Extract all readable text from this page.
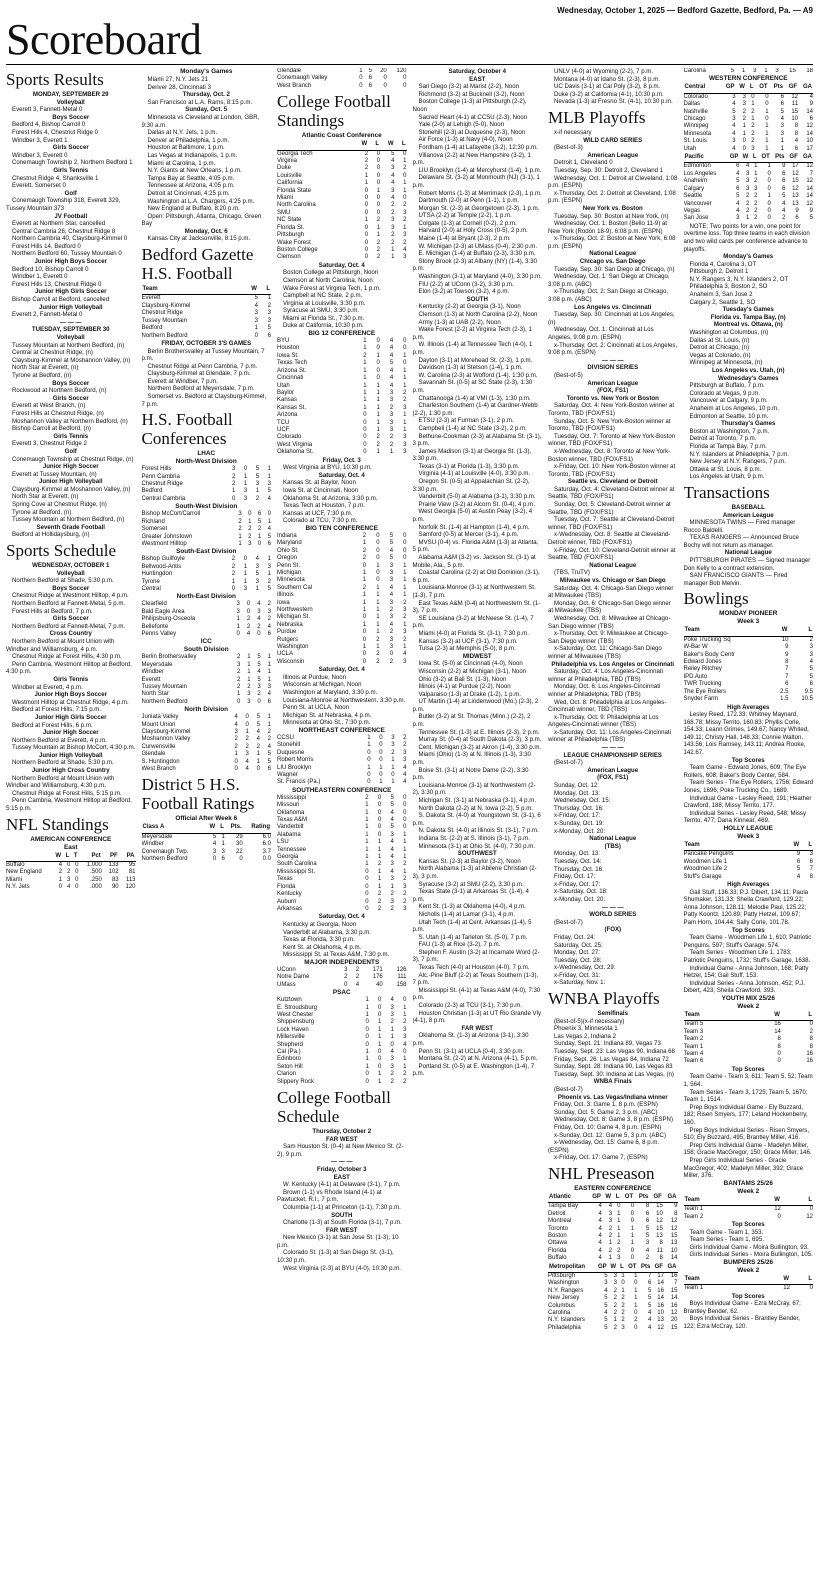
Wednesday, October 1, 2025 — Bedford Gazette, Bedford, Pa. — A9
Scoreboard
Sports Results

MONDAY, SEPTEMBER 29

Volleyball

Everett 3, Fannett-Metal 0

Boys Soccer

Bedford 4, Bishop Carroll 0

Forest Hills 4, Chestnut Ridge 0

Windber 3, Everett 1

Girls Soccer

Windber 3, Everett 0

Conemaugh Township 2, Northern Bedford 1

Girls Tennis

Chestnut Ridge 4, Shanksville 1

Everett, Somerset 0

Golf

Conemaugh Township 318, Everett 329, Tussey Mountain 373

JV Football

Everett at Northern Star, cancelled

Central Cambria 26, Chestnut Ridge 8

Northern Cambria 40, Claysburg-Kimmel 0

Forest Hills 14, Bedford 0

Northern Bedford 60, Tussey Mountain 0

Junior High Boys Soccer

Bedford 10, Bishop Carroll 0

Windber 1, Everett 0

Forest Hills 13, Chestnut Ridge 0

Junior High Girls Soccer

Bishop Carroll at Bedford, cancelled

Junior High Volleyball

Everett 2, Fannett-Metal 0

— — —

TUESDAY, SEPTEMBER 30

Volleyball

Tussey Mountain at Northern Bedford, (n)

Central at Chestnut Ridge, (n)

Claysburg-Kimmel at Moshannon Valley, (n)

North Star at Everett, (n)

Tyrone at Bedford, (n)

Boys Soccer

Rockwood at Northern Bedford, (n)

Girls Soccer

Everett at West Branch, (n)

Forest Hills at Chestnut Ridge, (n)

Moshannon Valley at Northern Bedford, (n)

Bishop Carroll at Bedford, (n)

Girls Tennis

Everett 3, Chestnut Ridge 2

Golf

Conemaugh Township at Chestnut Ridge, (n)

Junior High Soccer

Everett at Tussey Mountain, (n)

Junior High Volleyball

Claysburg-Kimmel at Moshannon Valley, (n)

North Star at Everett, (n)

Spring Cove at Chestnut Ridge, (n)

Tyrone at Bedford, (n)

Tussey Mountain at Northern Bedford, (n)

Seventh Grade Football

Bedford at Hollidaysburg, (n)

Sports Schedule

WEDNESDAY, OCTOBER 1

Volleyball

Northern Bedford at Shade, 5:30 p.m.

Boys Soccer

Chestnut Ridge at Westmont Hilltop, 4 p.m.

Northern Bedford at Fannett-Metal, 5 p.m.

Forest Hills at Bedford, 7 p.m.

Girls Soccer

Northern Bedford at Fannett-Metal, 7 p.m.

Cross Country

Northern Bedford at Mount Union with Windber and Williamsburg, 4 p.m.

Chestnut Ridge at Forest Hills, 4:30 p.m.

Penn Cambria, Westmont Hilltop at Bedford, 4:30 p.m.

Girls Tennis

Windber at Everett, 4 p.m.

Junior High Boys Soccer

Westmont Hilltop at Chestnut Ridge, 4 p.m.

Bedford at Forest Hills, 7:15 p.m.

Junior High Girls Soccer

Bedford at Forest Hills, 6 p.m.

Junior High Soccer

Northern Bedford at Everett, 4 p.m.

Tussey Mountain at Bishop McCort, 4:30 p.m.

Junior High Volleyball

Northern Bedford at Shade, 5:30 p.m.

Junior High Cross Country

Northern Bedford at Mount Union with Windber and Williamsburg, 4:30 p.m.

Chestnut Ridge at Forest Hills, 5:15 p.m.

Penn Cambria, Westmont Hilltop at Bedford, 5:15 p.m.

NFL Standings
AMERICAN CONFERENCE
East
	W	L	T	Pct	PF	PA
Buffalo	4	0	0	1.000	133	95
New England	2	2	0	.500	102	81
Miami	1	3	0	.250	83	113
N.Y. Jets	0	4	0	.000	90	120
Monday's Games

Miami 27, N.Y. Jets 21

Denver 28, Cincinnati 3

Thursday, Oct. 2

San Francisco at L.A. Rams, 8:15 p.m.

Sunday, Oct. 5

Minnesota vs Cleveland at London, GBR, 9:30 a.m.

Dallas at N.Y. Jets, 1 p.m.

Denver at Philadelphia, 1 p.m.

Houston at Baltimore, 1 p.m.

Las Vegas at Indianapolis, 1 p.m.

Miami at Carolina, 1 p.m.

N.Y. Giants at New Orleans, 1 p.m.

Tampa Bay at Seattle, 4:05 p.m.

Tennessee at Arizona, 4:05 p.m.

Detroit at Cincinnati, 4:25 p.m.

Washington at L.A. Chargers, 4:25 p.m.

New England at Buffalo, 8:20 p.m.

Open: Pittsburgh, Atlanta, Chicago, Green Bay

Monday, Oct. 6

Kansas City at Jacksonville, 8:15 p.m.

Bedford Gazette H.S. Football
Team	W	L
Everett	5	1
Claysburg-Kimmel	4	2
Chestnut Ridge	3	3
Tussey Mountain	3	3
Bedford	1	5
Northern Bedford	0	6

FRIDAY, OCTOBER 3'S GAMES

Berlin Brothersvalley at Tussey Mountain, 7 p.m.

Chestnut Ridge at Penn Cambria, 7 p.m.

Claysburg-Kimmel at Glendale, 7 p.m.

Everett at Windber, 7 p.m.

Northern Bedford at Meyersdale, 7 p.m.

Somerset vs. Bedford at Claysburg-Kimmel, 7 p.m.

H.S. Football Conferences
LHAC
North-West Division
Forest Hills	3	0	5	1
Penn Cambria	2	1	5	1
Chestnut Ridge	2	1	3	3
Bedford	1	3	1	5
Central Cambria	0	3	2	4
South-West Division
Bishop McCort/Carroll	3	0	6	0
Richland	2	1	5	1
Somerset	2	2	2	4
Greater Johnstown	1	2	1	5
Westmont Hilltop	1	3	0	6
South-East Division
Bishop Guilfoyle	2	0	4	1
Bellwood-Antis	2	1	3	3
Huntingdon	2	1	5	1
Tyrone	1	1	3	2
Central	0	3	1	5
North-East Division
Clearfield	3	0	4	2
Bald Eagle Area	3	0	3	3
Philipsburg-Osceola	1	2	4	2
Bellefonte	1	2	2	4
Penns Valley	0	4	0	6
ICC
South Division
Berlin Brothersvalley	2	1	5	1
Meyersdale	3	1	5	1
Windber	2	1	4	1
Everett	2	1	5	1
Tussey Mountain	2	2	3	3
North Star	1	3	2	4
Northern Bedford	0	3	0	6
North Division
Juniata Valley	4	0	5	1
Mount Union	4	0	5	1
Claysburg-Kimmel	3	1	4	2
Moshannon Valley	2	2	4	2
Curwensville	2	2	2	4
Glendale	1	3	1	5
S. Huntingdon	0	4	1	5
West Branch	0	4	0	6
District 5 H.S. Football Ratings
Official After Week 6
Class A	W	L	Pts.	Rating
Meyersdale	5	1	29	6.0
Windber	4	1	30	6.0
Conemaugh Twp.	3	3	22	3.7
Northern Bedford	0	6	0	0.0
Glendale	1	5	20	120
Conemaugh Valley	0	6	0	0
West Branch	0	6	0	0
College Football Standings
Atlantic Coast Conference
	W	L	W	L
Georgia Tech	2	0	5	0
Virginia	2	0	4	1
Duke	2	0	3	2
Louisville	1	0	4	0
California	1	0	4	1
Florida State	0	1	3	1
Miami	0	0	4	0
North Carolina	0	0	2	2
SMU	0	0	2	3
NC State	1	2	3	2
Florida St.	0	1	3	1
Pittsburgh	0	1	2	3
Wake Forest	0	2	2	2
Boston College	0	2	1	4
Clemson	0	2	1	3

Saturday, Oct. 4

Boston College at Pittsburgh, Noon

Clemson at North Carolina, Noon

Wake Forest at Virginia Tech, 1 p.m.

Campbell at NC State, 2 p.m.

Virginia at Louisville, 3:30 p.m.

Syracuse at SMU, 3:30 p.m.

Miami at Florida St., 7:30 p.m.

Duke at California, 10:30 p.m.

BIG 12 CONFERENCE
BYU	1	0	4	0
Houston	1	0	4	0
Iowa St.	2	1	4	1
Texas Tech	1	0	5	0
Arizona St.	1	0	4	1
Cincinnati	1	0	4	1
Utah	1	1	4	1
Baylor	1	1	3	2
Kansas	1	1	3	2
Kansas St.	1	1	2	3
Arizona	0	1	3	1
TCU	0	1	3	1
UCF	0	1	3	1
Colorado	0	2	2	3
West Virginia	0	2	2	3
Oklahoma St.	0	1	1	3

Friday, Oct. 3

West Virginia at BYU, 10:30 p.m.

Saturday, Oct. 4

Kansas St. at Baylor, Noon

Iowa St. at Cincinnati, Noon

Oklahoma St. at Arizona, 3:30 p.m.

Texas Tech at Houston, 7 p.m.

Kansas at UCF, 7:30 p.m.

Colorado at TCU, 7:30 p.m.

BIG TEN CONFERENCE
Indiana	2	0	5	0
Maryland	1	0	5	0
Ohio St.	2	0	4	0
Oregon	2	0	5	0
Penn St.	0	1	3	1
Michigan	1	0	3	1
Minnesota	1	0	3	1
Southern Cal	2	1	4	1
Illinois	1	1	4	1
Iowa	1	1	3	2
Northwestern	1	1	2	3
Michigan St.	0	1	3	2
Nebraska	1	1	4	1
Purdue	0	1	2	3
Rutgers	0	2	3	2
Washington	1	1	3	1
UCLA	0	2	0	4
Wisconsin	0	2	2	3

Saturday, Oct. 4

Illinois at Purdue, Noon

Wisconsin at Michigan, Noon

Washington at Maryland, 3:30 p.m.

Louisiana-Monroe at Northwestern, 3:30 p.m.

Penn St. at UCLA, Noon

Michigan St. at Nebraska, 4 p.m.

Minnesota at Ohio St., 7:30 p.m.

NORTHEAST CONFERENCE
CCSU	1	0	3	2
Stonehill	1	0	3	2
Duquesne	0	0	2	3
Robert Morris	0	0	1	3
LIU Brooklyn	1	1	1	4
Wagner	0	0	0	4
St. Francis (Pa.)	0	1	1	4
SOUTHEASTERN CONFERENCE
Mississippi	2	0	5	0
Missouri	1	0	5	0
Oklahoma	1	0	4	0
Texas A&M	1	0	4	0
Vanderbilt	1	0	5	0
Alabama	1	0	3	1
LSU	1	1	4	1
Tennessee	1	1	4	1
Georgia	1	1	4	1
South Carolina	1	2	3	2
Mississippi St.	0	1	4	1
Texas	0	1	3	2
Florida	0	1	1	3
Kentucky	0	2	2	2
Auburn	0	2	3	2
Arkansas	0	2	2	3

Saturday, Oct. 4

Kentucky at Georgia, Noon

Vanderbilt at Alabama, 3:30 p.m.

Texas at Florida, 3:30 p.m.

Kent St. at Oklahoma, 4 p.m.

Mississippi St. at Texas A&M, 7:30 p.m.

MAJOR INDEPENDENTS
UConn	3	2	171	126
Notre Dame	2	2	176	111
UMass	0	4	40	158
PSAC
Kutztown	1	0	4	0
E. Stroudsburg	1	0	3	1
West Chester	1	0	3	1
Shippensburg	0	1	2	2
Lock Haven	0	1	1	3
Millersville	0	1	1	3
Shepherd	0	1	0	4
Cal (Pa.)	1	0	4	0
Edinboro	1	0	3	1
Seton Hill	1	0	3	1
Clarion	0	1	2	2
Slippery Rock	0	1	2	2
College Football Schedule

Thursday, October 2

FAR WEST

Sam Houston St. (0-4) at New Mexico St. (2-2), 9 p.m.

— — —

Friday, October 3

EAST

W. Kentucky (4-1) at Delaware (3-1), 7 p.m.

Brown (1-1) vs Rhode Island (4-1) at Pawtucket, R.I., 7 p.m.

Columbia (1-1) at Princeton (1-1), 7:30 p.m.

SOUTH

Charlotte (1-3) at South Florida (3-1), 7 p.m.

FAR WEST

New Mexico (3-1) at San Jose St. (1-3), 10 p.m.

Colorado St. (1-3) at San Diego St. (3-1), 10:30 p.m.

West Virginia (2-3) at BYU (4-0), 10:30 p.m.

Saturday, October 4

EAST

San Diego (3-2) at Marist (2-2), Noon

Richmond (3-2) at Bucknell (3-2), Noon

Boston College (1-3) at Pittsburgh (2-2), Noon

Sacred Heart (4-1) at CCSU (2-3), Noon

Yale (2-0) at Lehigh (5-0), Noon

Stonehill (2-3) at Duquesne (2-3), Noon

Air Force (1-3) at Navy (4-0), Noon

Fordham (1-4) at Lafayette (3-2), 12:30 p.m.

Villanova (2-2) at New Hampshire (3-2), 1 p.m.

LIU Brooklyn (1-4) at Mercyhurst (1-4), 1 p.m.

Delaware St. (3-2) at Monmouth (NJ) (3-1), 1 p.m.

Robert Morris (1-3) at Merrimack (2-3), 1 p.m.

Dartmouth (2-0) at Penn (1-1), 1 p.m.

Morgan St. (2-3) at Georgetown (2-3), 1 p.m.

UTSA (2-2) at Temple (2-2), 1 p.m.

Colgate (1-3) at Cornell (0-2), 2 p.m.

Harvard (2-0) at Holy Cross (0-5), 2 p.m.

Maine (1-4) at Bryant (2-3), 2 p.m.

W. Michigan (2-3) at UMass (0-4), 2:30 p.m.

E. Michigan (1-4) at Buffalo (2-3), 3:30 p.m.

Stony Brook (2-3) at Albany (NY) (1-4), 3:30 p.m.

Washington (3-1) at Maryland (4-0), 3:30 p.m.

FIU (2-2) at UConn (3-2), 3:30 p.m.

Elon (3-2) at Towson (3-2), 4 p.m.

SOUTH

Kentucky (2-2) at Georgia (3-1), Noon

Clemson (1-3) at North Carolina (2-2), Noon

Army (1-3) at UAB (2-2), Noon

Wake Forest (2-2) at Virginia Tech (2-3), 1 p.m.

W. Illinois (1-4) at Tennessee Tech (4-0), 1 p.m.

Dayton (3-1) at Morehead St. (2-3), 1 p.m.

Davidson (1-3) at Stetson (1-4), 1 p.m.

W. Carolina (2-3) at Wofford (1-4), 1:30 p.m.

Savannah St. (0-5) at SC State (2-3), 1:30 p.m.

Chattanooga (1-4) at VMI (1-3), 1:30 p.m.

Charleston Southern (1-4) at Gardner-Webb (2-2), 1:30 p.m.

ETSU (2-3) at Furman (3-1), 2 p.m.

Campbell (1-4) at NC State (3-2), 2 p.m.

Bethune-Cookman (2-3) at Alabama St. (3-1), 3 p.m.

James Madison (3-1) at Georgia St. (1-3), 3:30 p.m.

Texas (3-1) at Florida (1-3), 3:30 p.m.

Virginia (4-1) at Louisville (4-0), 3:30 p.m.

Oregon St. (0-5) at Appalachian St. (2-2), 3:30 p.m.

Vanderbilt (5-0) at Alabama (3-1), 3:30 p.m.

Prairie View (3-2) at Alcorn St. (0-4), 4 p.m.

West Georgia (5-0) at Austin Peay (3-2), 4 p.m.

Norfolk St. (1-4) at Hampton (1-4), 4 p.m.

Samford (0-5) at Mercer (3-1), 4 p.m.

MVSU (0-4) vs. Florida A&M (1-3) at Atlanta, 5 p.m.

Alabama A&M (3-2) vs. Jackson St. (3-1) at Mobile, Ala., 5 p.m.

Coastal Carolina (2-2) at Old Dominion (3-1), 6 p.m.

Louisiana-Monroe (3-1) at Northwestern St. (1-3), 7 p.m.

East Texas A&M (0-4) at Northwestern St. (1-3), 7 p.m.

SE Louisiana (3-2) at McNeese St. (1-4), 7 p.m.

Miami (4-0) at Florida St. (3-1), 7:30 p.m.

Kansas (3-2) at UCF (3-1), 7:30 p.m.

Tulsa (2-3) at Memphis (5-0), 8 p.m.

MIDWEST

Iowa St. (5-0) at Cincinnati (4-0), Noon

Wisconsin (2-2) at Michigan (3-1), Noon

Ohio (3-2) at Ball St. (1-3), Noon

Illinois (4-1) at Purdue (2-2), Noon

Valparaiso (1-3) at Drake (1-2), 1 p.m.

UT Martin (1-4) at Lindenwood (Mo.) (2-3), 2 p.m.

Butler (3-2) at St. Thomas (Minn.) (2-2), 2 p.m.

Tennessee St. (1-3) at E. Illinois (2-3), 2 p.m.

Murray St. (0-4) at South Dakota (2-3), 3 p.m.

Cent. Michigan (3-2) at Akron (1-4), 3:30 p.m.

Miami (Ohio) (1-3) at N. Illinois (1-3), 3:30 p.m.

Boise St. (3-1) at Notre Dame (2-2), 3:30 p.m.

Louisiana-Monroe (3-1) at Northwestern (2-2), 3:30 p.m.

Michigan St. (3-1) at Nebraska (3-1), 4 p.m.

North Dakota (2-2) at N. Iowa (2-2), 5 p.m.

S. Dakota St. (4-0) at Youngstown St. (3-1), 6 p.m.

N. Dakota St. (4-0) at Illinois St. (3-1), 7 p.m.

Indiana St. (2-2) at S. Illinois (3-1), 7 p.m.

Minnesota (3-1) at Ohio St. (4-0), 7:30 p.m.

SOUTHWEST

Kansas St. (2-3) at Baylor (3-2), Noon

North Alabama (1-3) at Abilene Christian (2-3), 3 p.m.

Syracuse (3-2) at SMU (2-2), 3:30 p.m.

Texas State (3-1) at Arkansas St. (1-4), 4 p.m.

Kent St. (1-3) at Oklahoma (4-0), 4 p.m.

Nicholls (1-4) at Lamar (3-1), 4 p.m.

Utah Tech (1-4) at Cent. Arkansas (1-4), 5 p.m.

S. Utah (1-4) at Tarleton St. (5-0), 7 p.m.

FAU (1-3) at Rice (3-2), 7 p.m.

Stephen F. Austin (3-2) at Incarnate Word (2-3), 7 p.m.

Texas Tech (4-0) at Houston (4-0), 7 p.m.

Alc.-Pine Bluff (2-2) at Texas Southern (1-3), 7 p.m.

Mississippi St. (4-1) at Texas A&M (4-0), 7:30 p.m.

Colorado (2-3) at TCU (3-1), 7:30 p.m.

Houston Christian (1-3) at UT Rio Grande Vly (4-1), 8 p.m.

FAR WEST

Oklahoma St. (1-3) at Arizona (3-1), 3:30 p.m.

Penn St. (3-1) at UCLA (0-4), 3:30 p.m.

Montana St. (2-2) at N. Arizona (4-1), 5 p.m.

Portland St. (0-5) at E. Washington (1-4), 7 p.m.

UNLV (4-0) at Wyoming (2-2), 7 p.m.

Montana (4-0) at Idaho St. (2-3), 8 p.m.

UC Davis (3-1) at Cal Poly (3-2), 8 p.m.

Duke (3-2) at California (4-1), 10:30 p.m.

Nevada (1-3) at Fresno St. (4-1), 10:30 p.m.

MLB Playoffs

x-if necessary

WILD CARD SERIES

(Best-of-3)

American League

Detroit 1, Cleveland 0

Tuesday, Sep. 30: Detroit 2, Cleveland 1

Wednesday, Oct. 1: Detroit at Cleveland, 1:08 p.m. (ESPN)

x-Thursday, Oct. 2: Detroit at Cleveland, 1:08 p.m. (ESPN)

New York vs. Boston

Tuesday, Sep. 30: Boston at New York, (n)

Wednesday, Oct. 1: Boston (Bello 11-9) at New York (Rodón 18-9), 6:08 p.m. (ESPN)

x-Thursday, Oct. 2: Boston at New York, 6:08 p.m. (ESPN)

National League

Chicago vs. San Diego

Tuesday, Sep. 30: San Diego at Chicago, (n)

Wednesday, Oct. 1: San Diego at Chicago, 3:08 p.m. (ABC)

x-Thursday, Oct. 2: San Diego at Chicago, 3:08 p.m. (ABC)

Los Angeles vs. Cincinnati

Tuesday, Sep. 30: Cincinnati at Los Angeles, (n)

Wednesday, Oct. 1: Cincinnati at Los Angeles, 9:08 p.m. (ESPN)

x-Thursday, Oct. 2: Cincinnati at Los Angeles, 9:08 p.m. (ESPN)

— — —

DIVISION SERIES

(Best-of-5)

American League

(FOX, FS1)

Toronto vs. New York or Boston

Saturday, Oct. 4: New York-Boston winner at Toronto, TBD (FOX/FS1)

Sunday, Oct. 5: New York-Boston winner at Toronto, TBD (FOX/FS1)

Tuesday, Oct. 7: Toronto at New York-Boston winner, TBD (FOX/FS1)

x-Wednesday, Oct. 8: Toronto at New York-Boston winner, TBD (FOX/FS1)

x-Friday, Oct. 10: New York-Boston winner at Toronto, TBD (FOX/FS1)

Seattle vs. Cleveland or Detroit

Saturday, Oct. 4: Cleveland-Detroit winner at Seattle, TBD (FOX/FS1)

Sunday, Oct. 5: Cleveland-Detroit winner at Seattle, TBD (FOX/FS1)

Tuesday, Oct. 7: Seattle at Cleveland-Detroit winner, TBD (FOX/FS1)

x-Wednesday, Oct. 8: Seattle at Cleveland-Detroit winner, TBD (FOX/FS1)

x-Friday, Oct. 10: Cleveland-Detroit winner at Seattle, TBD (FOX/FS1)

National League

(TBS, TruTV)

Milwaukee vs. Chicago or San Diego

Saturday, Oct. 4: Chicago-San Diego winner at Milwaukee (TBS)

Monday, Oct. 6: Chicago-San Diego winner at Milwaukee (TBS)

Wednesday, Oct. 8: Milwaukee at Chicago-San Diego winner (TBS)

x-Thursday, Oct. 9: Milwaukee at Chicago-San Diego winner (TBS)

x-Saturday, Oct. 11: Chicago-San Diego winner at Milwaukee (TBS)

Philadelphia vs. Los Angeles or Cincinnati

Saturday, Oct. 4: Los Angeles-Cincinnati winner at Philadelphia, TBD (TBS)

Monday, Oct. 6: Los Angeles-Cincinnati winner at Philadelphia, TBD (TBS)

Wed, Oct. 8: Philadelphia at Los Angeles-Cincinnati winner, TBD (TBS)

x-Thursday, Oct. 9: Philadelphia at Los Angeles-Cincinnati winner (TBS)

x-Saturday, Oct. 11: Los Angeles-Cincinnati winner at Philadelphia (TBS)

— — —

LEAGUE CHAMPIONSHIP SERIES

(Best-of-7)

American League

(FOX, FS1)

Sunday, Oct. 12:

Monday, Oct. 13:

Wednesday, Oct. 15:

Thursday, Oct. 16:

x-Friday, Oct. 17:

x-Sunday, Oct. 19:

x-Monday, Oct. 20:

National League

(TBS)

Monday, Oct. 13:

Tuesday, Oct. 14:

Thursday, Oct. 16:

Friday, Oct. 17:

x-Friday, Oct. 17:

x-Saturday, Oct. 18:

x-Monday, Oct. 20:

— — —

WORLD SERIES

(Best-of-7)

(FOX)

Friday, Oct. 24:

Saturday, Oct. 25:

Monday, Oct. 27:

Tuesday, Oct. 28:

x-Wednesday, Oct. 29:

x-Friday, Oct. 31:

x-Saturday, Nov. 1:

WNBA Playoffs

Semifinals

(Best-of-5)(x-if necessary)

Phoenix 3, Minnesota 1

Las Vegas 2, Indiana 2

Sunday, Sept. 21: Indiana 89, Vegas 73

Tuesday, Sept. 23: Las Vegas 90, Indiana 68

Friday, Sept. 26: Las Vegas 84, Indiana 72

Sunday, Sept. 28: Indiana 90, Las Vegas 83

Tuesday, Sept. 30: Indiana at Las Vegas, (n)

WNBA Finals

(Best-of-7)

Phoenix vs. Las Vegas/Indiana winner

Friday, Oct. 3: Game 1, 8 p.m. (ESPN)

Sunday, Oct. 5: Game 2, 3 p.m. (ABC)

Wednesday, Oct. 8: Game 3, 8 p.m. (ESPN)

Friday, Oct. 10: Game 4, 8 p.m. (ESPN)

x-Sunday, Oct. 12: Game 5, 3 p.m. (ABC)

x-Wednesday, Oct. 15: Game 6, 8 p.m. (ESPN)

x-Friday, Oct. 17: Game 7, (ESPN)

NHL Preseason
EASTERN CONFERENCE
Atlantic	GP	W	L	OT	Pts	GF	GA
Tampa Bay	4	4	0	0	8	15	9
Detroit	4	3	1	0	6	10	8
Montreal	4	3	1	0	6	12	12
Toronto	4	2	1	1	5	15	12
Boston	4	2	1	1	5	13	15
Ottawa	4	1	2	1	3	8	13
Florida	4	2	2	0	4	11	10
Buffalo	4	1	3	0	2	8	14
Metropolitan	GP	W	L	OT	Pts	GF	GA
Pittsburgh	5	3	1	1	7	17	16
Washington	3	3	0	0	6	14	7
N.Y. Rangers	4	2	1	1	5	16	15
New Jersey	5	2	2	1	5	14	14
Columbus	5	2	2	1	5	16	16
Carolina	4	2	2	0	4	10	12
N.Y. Islanders	5	1	2	2	4	13	20
Philadelphia	5	2	3	0	4	12	15
Carolina	5	1	3	1	3	15	18
WESTERN CONFERENCE
Central	GP	W	L	OT	Pts	GF	GA
Colorado	3	3	0	0	6	12	4
Dallas	4	3	1	0	6	11	9
Nashville	5	2	2	1	5	15	14
Chicago	3	2	1	0	4	10	6
Winnipeg	4	1	2	1	3	8	12
Minnesota	4	1	2	1	3	8	14
St. Louis	3	0	2	1	1	4	10
Utah	4	0	3	1	1	6	17
Pacific	GP	W	L	OT	Pts	GF	GA
Edmonton	6	4	1	1	9	17	12
Los Angeles	4	3	1	0	6	12	7
Anaheim	5	3	2	0	6	15	12
Calgary	6	3	3	0	6	12	14
Seattle	5	2	2	1	5	13	14
Vancouver	4	2	2	0	4	13	12
Vegas	4	2	2	0	4	9	9
San Jose	3	1	2	0	2	6	5

NOTE: Two points for a win, one point for overtime loss. Top three teams in each division and two wild cards per conference advance to playoffs.

Monday's Games

Florida 4, Carolina 3, OT

Pittsburgh 2, Detroit 1

N.Y. Rangers 3, N.Y. Islanders 2, OT

Philadelphia 3, Boston 2, SO

Anaheim 3, San Jose 2

Calgary 2, Seattle 1, SO

Tuesday's Games

Florida vs. Tampa Bay, (n)

Montreal vs. Ottawa, (n)

Washington at Columbus, (n)

Dallas at St. Louis, (n)

Detroit at Chicago, (n)

Vegas at Colorado, (n)

Winnipeg at Minnesota, (n)

Los Angeles vs. Utah, (n)

Wednesday's Games

Pittsburgh at Buffalo, 7 p.m.

Colorado at Vegas, 9 p.m.

Vancouver at Calgary, 9 p.m.

Anaheim at Los Angeles, 10 p.m.

Edmonton at Seattle, 10 p.m.

Thursday's Games

Boston at Washington, 7 p.m.

Detroit at Toronto, 7 p.m.

Florida at Tampa Bay, 7 p.m.

N.Y. Islanders at Philadelphia, 7 p.m.

New Jersey at N.Y. Rangers, 7 p.m.

Ottawa at St. Louis, 8 p.m.

Los Angeles at Utah, 9 p.m.

Transactions

BASEBALL

American League

MINNESOTA TWINS — Fired manager Rocco Baldelli.

TEXAS RANGERS — Announced Bruce Bochy will not return as manager.

National League

PITTSBURGH PIRATES — Signed manager Don Kelly to a contract extension.

SAN FRANCISCO GIANTS — Fired manager Bob Melvin.

Bowlings
MONDAY PIONEER
Week 3
Team	W	L
Poke Trucking Sq	10	2
W-Bar W	9	3
Baker's Body Centr	9	3
Edward Jones	8	4
Reiley Ritchey	7	5
IPD Auto	7	5
TWR Trucking	6	6
The Eye Rollers	2.5	9.5
Snyder Farm	1.5	10.5

High Averages

Lesley Reed, 172.33; Whitney Maynard, 168.78; Missy Territo, 160.83; Phyllis Corle, 154.33; Leann Grimes, 149.67; Nancy Whited, 149.11; Christy Hall, 148.33; Connie Walton, 143.56; Lois Ramsey, 143.11; Andrea Rooke, 142.67.

Top Scores

Team Game - Edward Jones, 609; The Eye Rollers, 608; Baker's Body Center, 584.

Team Series - The Eye Rollers, 1756; Edward Jones, 1696; Poke Trucking Co., 1689.

Individual Game - Lesley Reed, 191; Heather Crawford, 188; Missy Territo, 177.

Individual Series - Lesley Reed, 548; Missy Territo, 477; Dana Kinnear, 469.

HOLLY LEAGUE
Week 3
Team	W	L
Pancake Penguins	9	3
Woodmen Life 1	6	6
Woodmen Life 2	5	7
Stuff's Garage	4	8

High Averages

Gail Stuff, 136.33; P.J. Dibert, 134.11; Paula Shumaker, 131.33; Sheila Crawford, 129.22; Anna Johnson, 128.11; Melodie Paul, 125.22; Patty Koontz, 120.89; Patty Hetzel, 109.67; Pam Horn, 104.44; Sally Corle, 101.78.

Top Scores

Team Game - Woodmen Life 1, 610; Patriotic Penguins, 597; Stuff's Garage, 574.

Team Series - Woodmen Life 1, 1783; Patriotic Penguins, 1732; Stuff's Garage, 1638.

Individual Game - Anna Johnson, 168; Patty Hetzel, 154; Gail Stuff, 153.

Individual Series - Anna Johnson, 452; P.J. Dibert, 423; Sheila Crawford, 393.

YOUTH MIX 25/26
Week 2
Team	W	L
Team 5	16	0
Team 3	14	2
Team 2	8	8
Team 1	8	8
Team 4	0	16
Team 6	0	16

Top Scores

Team Game - Team 3, 611; Team 5, 52; Team 1, 564.

Team Series - Team 3, 1725; Team 5, 1670; Team 1, 1514.

Prep Boys Individual Game - Ely Buzzard, 182; Risen Smyers, 177; Leland Hockenberry, 160.

Prep Boys Individual Series - Risen Smyers, 510; Ely Buzzard, 495; Brantley Miller, 416.

Prep Girls Individual Game - Madelyn Miller, 158; Gracie MacGregor, 150; Grace Miller, 146.

Prep Girls Individual Series - Gracie MacGregor, 402; Madelyn Miller, 392; Grace Miller, 376.

BANTAMS 25/26
Week 2
Team	W	L
Team 1	12	0
Team 2	0	12

Top Scores

Team Game - Team 1, 353.

Team Series - Team 1, 695.

Girls Individual Game - Moira Bullington, 93.

Girls Individual Series - Moira Bullington, 105.

BUMPERS 25/26
Week 2
Team	W	L
Team 1	12	0

Top Scores

Boys Individual Game - Ezra McCray, 67; Brantley Bender, 62.

Boys Individual Series - Brantley Bender, 122; Ezra McCray, 120.
